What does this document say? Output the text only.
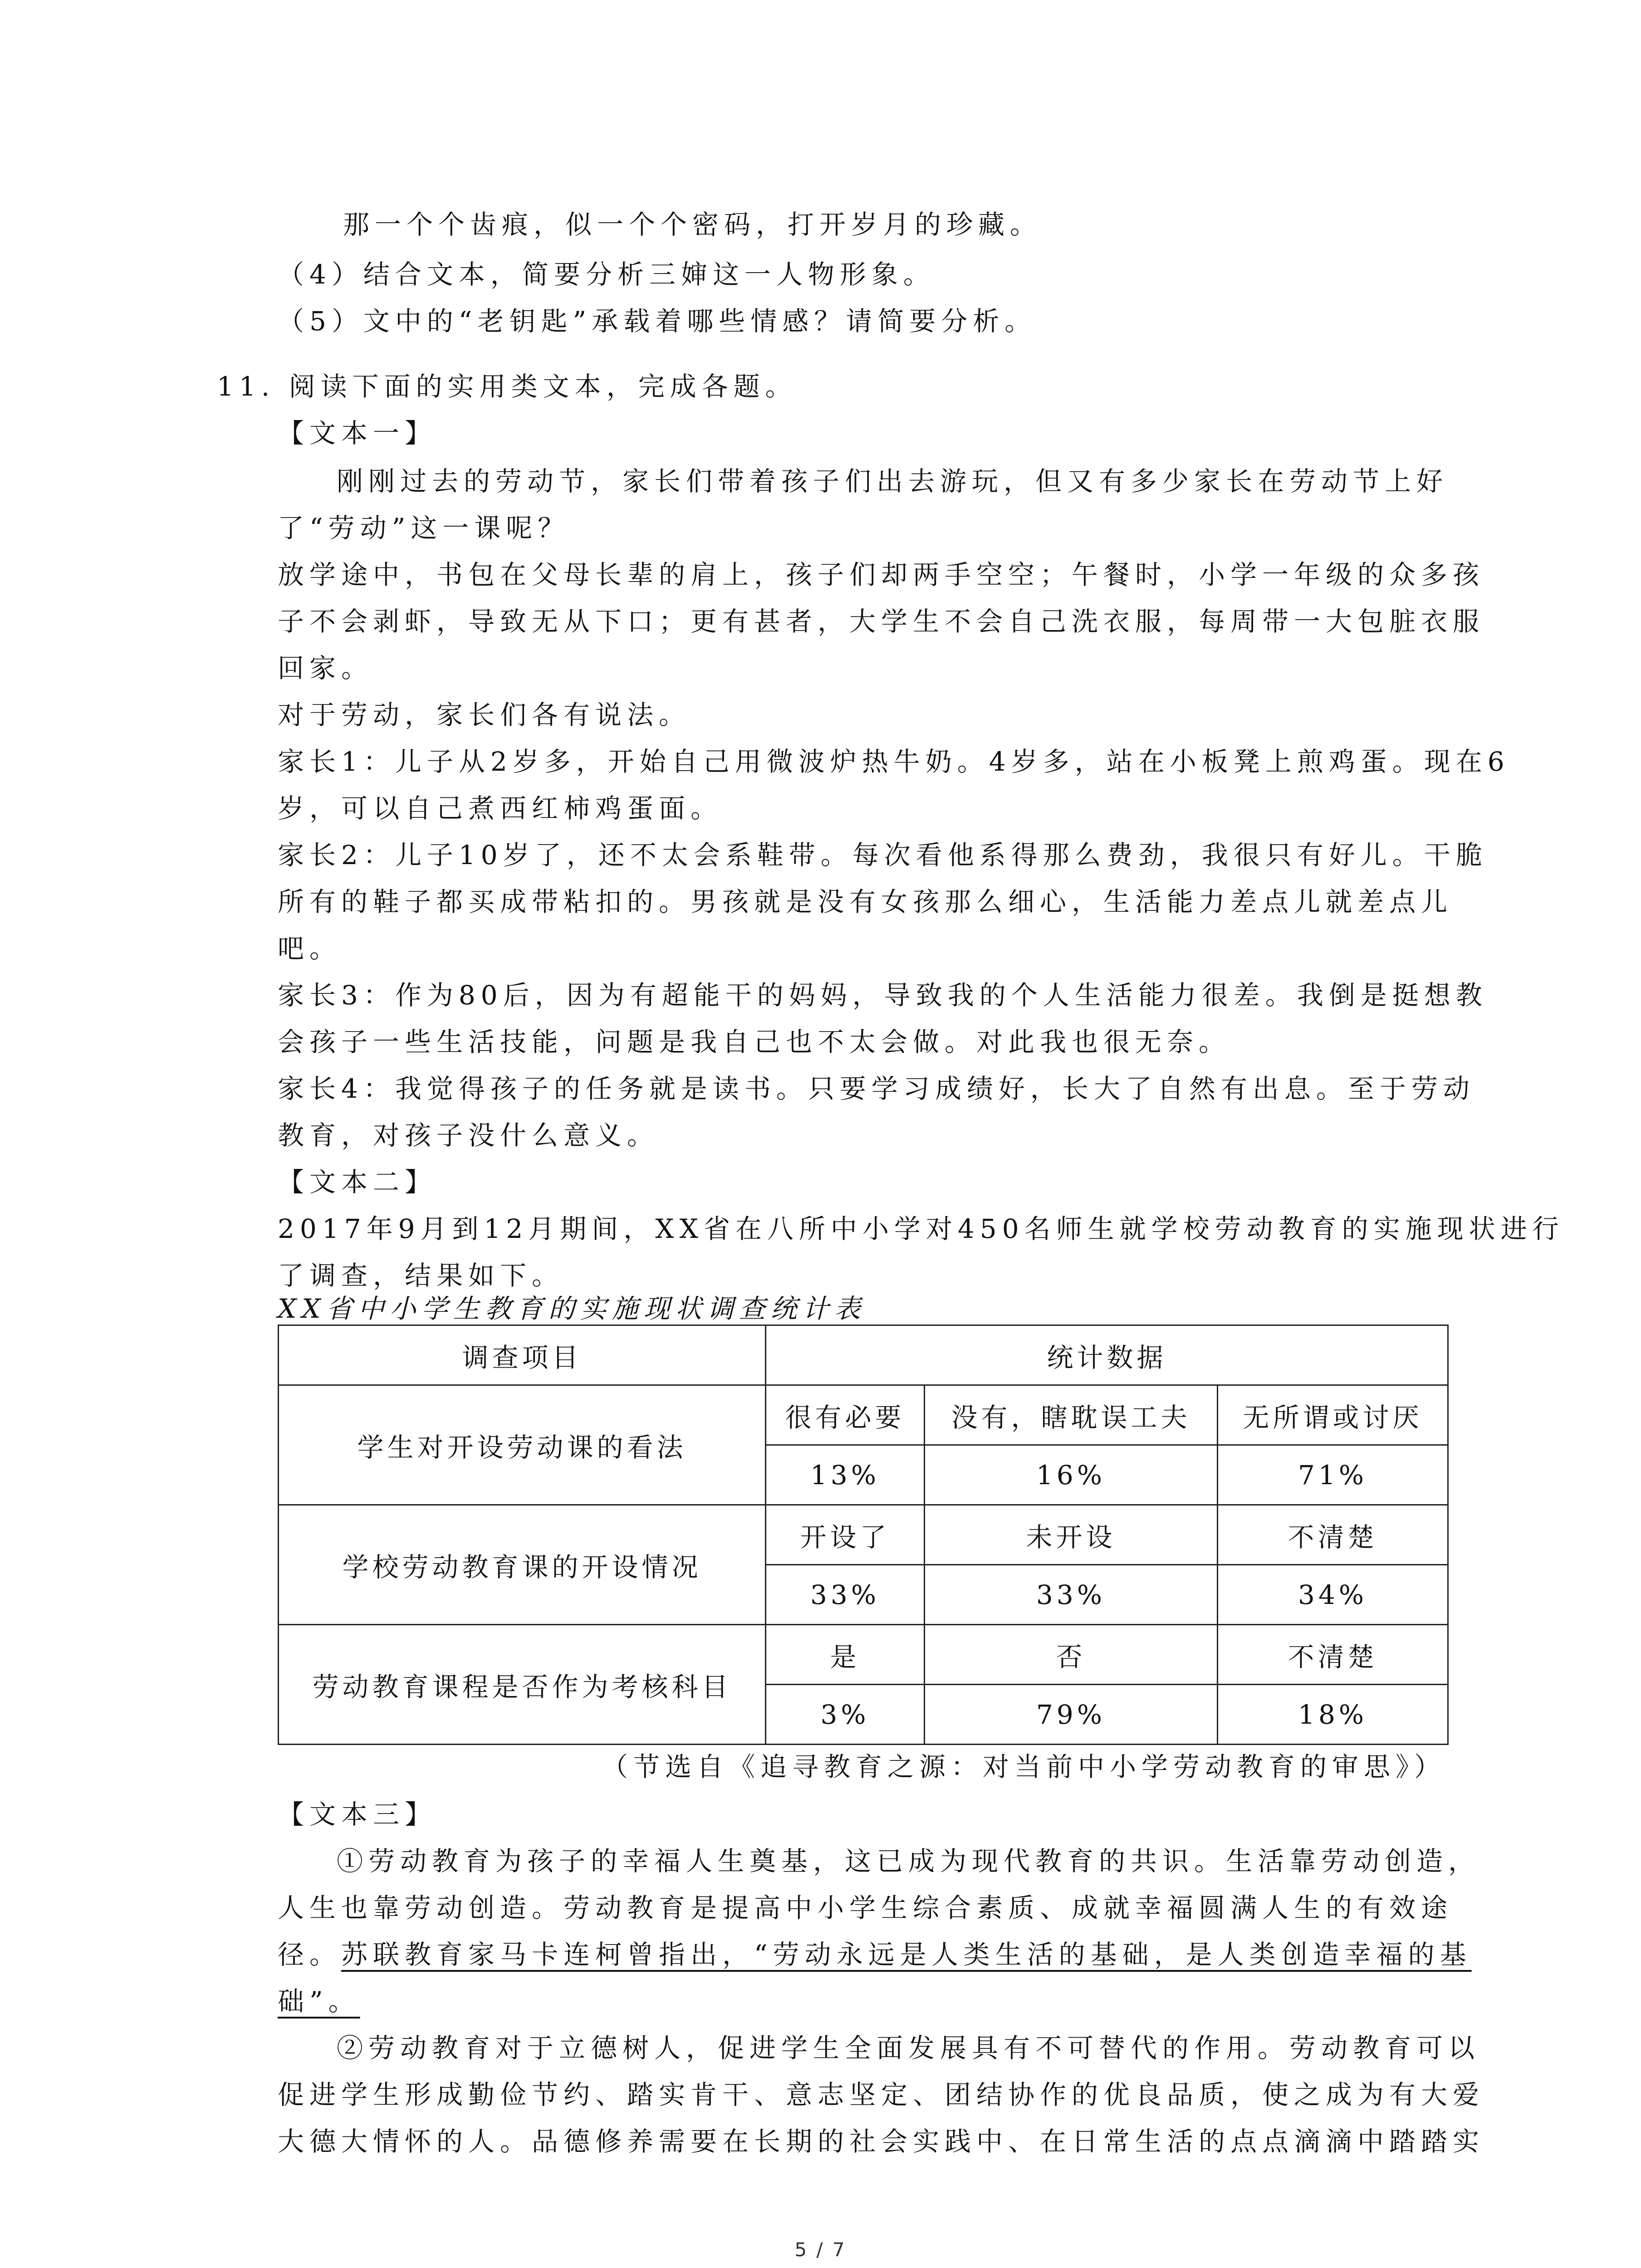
那一个个齿痕，似一个个密码，打开岁月的珍藏。
（4）结合文本，简要分析三婶这一人物形象。
（5）文中的“老钥匙”承载着哪些情感？请简要分析。
11. 阅读下面的实用类文本，完成各题。
【文本一】
刚刚过去的劳动节，家长们带着孩子们出去游玩，但又有多少家长在劳动节上好
了“劳动”这一课呢？
放学途中，书包在父母长辈的肩上，孩子们却两手空空；午餐时，小学一年级的众多孩
子不会剥虾，导致无从下口；更有甚者，大学生不会自己洗衣服，每周带一大包脏衣服
回家。
对于劳动，家长们各有说法。
家长1：儿子从2岁多，开始自己用微波炉热牛奶。4岁多，站在小板凳上煎鸡蛋。现在6
岁，可以自己煮西红柿鸡蛋面。
家长2：儿子10岁了，还不太会系鞋带。每次看他系得那么费劲，我很只有好儿。干脆
所有的鞋子都买成带粘扣的。男孩就是没有女孩那么细心，生活能力差点儿就差点儿
吧。
家长3：作为80后，因为有超能干的妈妈，导致我的个人生活能力很差。我倒是挺想教
会孩子一些生活技能，问题是我自己也不太会做。对此我也很无奈。
家长4：我觉得孩子的任务就是读书。只要学习成绩好，长大了自然有出息。至于劳动
教育，对孩子没什么意义。
【文本二】
2017年9月到12月期间，XX省在八所中小学对450名师生就学校劳动教育的实施现状进行
了调查，结果如下。
XX省中小学生教育的实施现状调查统计表
调查项目	统计数据		
学生对开设劳动课的看法	很有必要	没有，瞎耽误工夫	无所谓或讨厌
	13%	16%	71%
学校劳动教育课的开设情况	开设了	未开设	不清楚
	33%	33%	34%
劳动教育课程是否作为考核科目	是	否	不清楚
	3%	79%	18%
（节选自《追寻教育之源：对当前中小学劳动教育的审思》）
【文本三】
①劳动教育为孩子的幸福人生奠基，这已成为现代教育的共识。生活靠劳动创造，
人生也靠劳动创造。劳动教育是提高中小学生综合素质、成就幸福圆满人生的有效途
径。苏联教育家马卡连柯曾指出，“劳动永远是人类生活的基础，是人类创造幸福的基
础”。
②劳动教育对于立德树人，促进学生全面发展具有不可替代的作用。劳动教育可以
促进学生形成勤俭节约、踏实肯干、意志坚定、团结协作的优良品质，使之成为有大爱
大德大情怀的人。品德修养需要在长期的社会实践中、在日常生活的点点滴滴中踏踏实
5 / 7
